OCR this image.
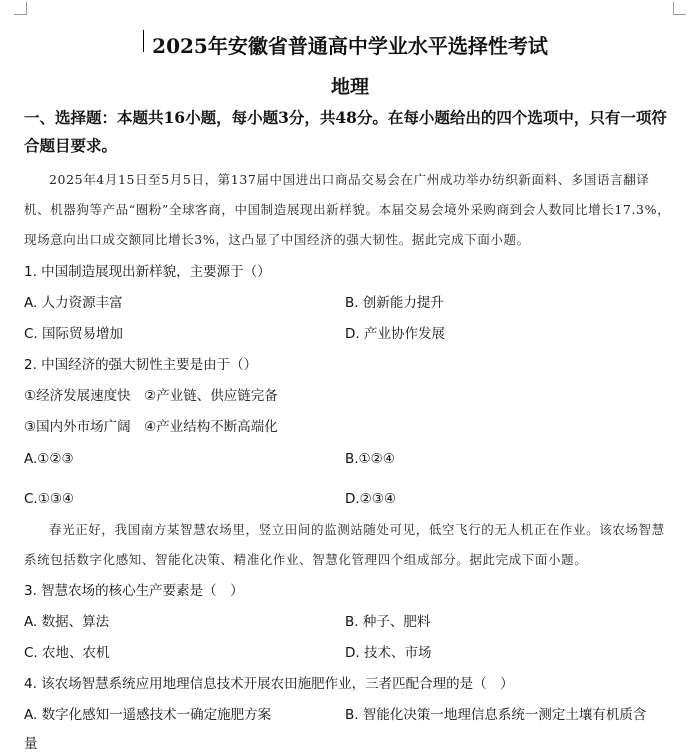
2025年安徽省普通高中学业水平选择性考试
地理
一、选择题：本题共16小题，每小题3分，共48分。在每小题给出的四个选项中，只有一项符合题目要求。
2025年4月15日至5月5日，第137届中国进出口商品交易会在广州成功举办纺织新面料、多国语言翻译机、机器狗等产品“圈粉”全球客商，中国制造展现出新样貌。本届交易会境外采购商到会人数同比增长17.3%，现场意向出口成交额同比增长3%，这凸显了中国经济的强大韧性。据此完成下面小题。
1. 中国制造展现出新样貌，主要源于（）
A. 人力资源丰富	B. 创新能力提升
C. 国际贸易增加	D. 产业协作发展
2. 中国经济的强大韧性主要是由于（）
①经济发展速度快　②产业链、供应链完备
③国内外市场广阔　④产业结构不断高端化
A.①②③	B.①②④
C.①③④	D.②③④
春光正好，我国南方某智慧农场里，竖立田间的监测站随处可见，低空飞行的无人机正在作业。该农场智慧系统包括数字化感知、智能化决策、精准化作业、智慧化管理四个组成部分。据此完成下面小题。
3. 智慧农场的核心生产要素是（　）
A. 数据、算法	B. 种子、肥料
C. 农地、农机	D. 技术、市场
4. 该农场智慧系统应用地理信息技术开展农田施肥作业，三者匹配合理的是（　）
A. 数字化感知一遥感技术一确定施肥方案	B. 智能化决策一地理信息系统一测定土壤有机质含
量
